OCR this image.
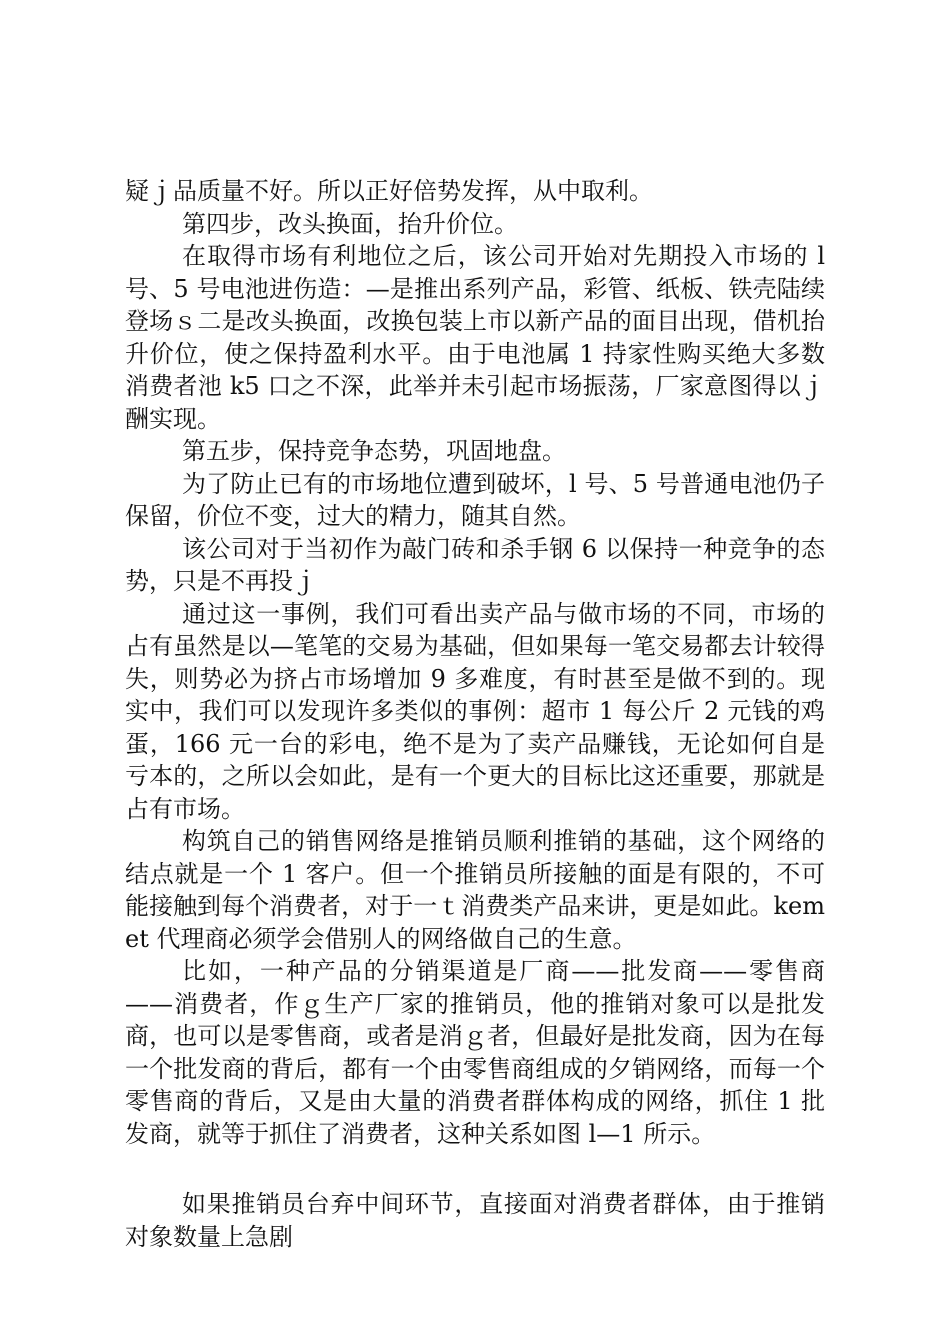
疑ｊ品质量不好。所以正好倍势发挥，从中取利。

第四步，改头换面，抬升价位。

在取得市场有利地位之后，该公司开始对先期投入市场的 l 号、5 号电池进伤造：—是推出系列产品，彩管、纸板、铁壳陆续登场ｓ二是改头换面，改换包装上市以新产品的面目出现，借机抬升价位，使之保持盈利水平。由于电池属 1 持家性购买绝大多数消费者池 k5 口之不深，此举并未引起市场振荡，厂家意图得以ｊ酬实现。

第五步，保持竞争态势，巩固地盘。

为了防止已有的市场地位遭到破坏，l 号、5 号普通电池仍子保留，价位不变，过大的精力，随其自然。

该公司对于当初作为敲门砖和杀手钢 6 以保持一种竞争的态势，只是不再投ｊ

通过这一事例，我们可看出卖产品与做市场的不同，市场的占有虽然是以—笔笔的交易为基础，但如果每一笔交易都去计较得失，则势必为挤占市场增加 9 多难度，有时甚至是做不到的。现实中，我们可以发现许多类似的事例：超市 1 每公斤 2 元钱的鸡蛋，166 元一台的彩电，绝不是为了卖产品赚钱，无论如何自是亏本的，之所以会如此，是有一个更大的目标比这还重要，那就是占有市场。

构筑自己的销售网络是推销员顺利推销的基础，这个网络的结点就是一个 1 客户。但一个推销员所接触的面是有限的，不可能接触到每个消费者，对于一ｔ消费类产品来讲，更是如此。kemet 代理商必须学会借别人的网络做自己的生意。

比如，一种产品的分销渠道是厂商——批发商——零售商——消费者，作ｇ生产厂家的推销员，他的推销对象可以是批发商，也可以是零售商，或者是消ｇ者，但最好是批发商，因为在每一个批发商的背后，都有一个由零售商组成的夕销网络，而每一个零售商的背后，又是由大量的消费者群体构成的网络，抓住 1 批发商，就等于抓住了消费者，这种关系如图 l—1 所示。

如果推销员台弃中间环节，直接面对消费者群体，由于推销对象数量上急剧
